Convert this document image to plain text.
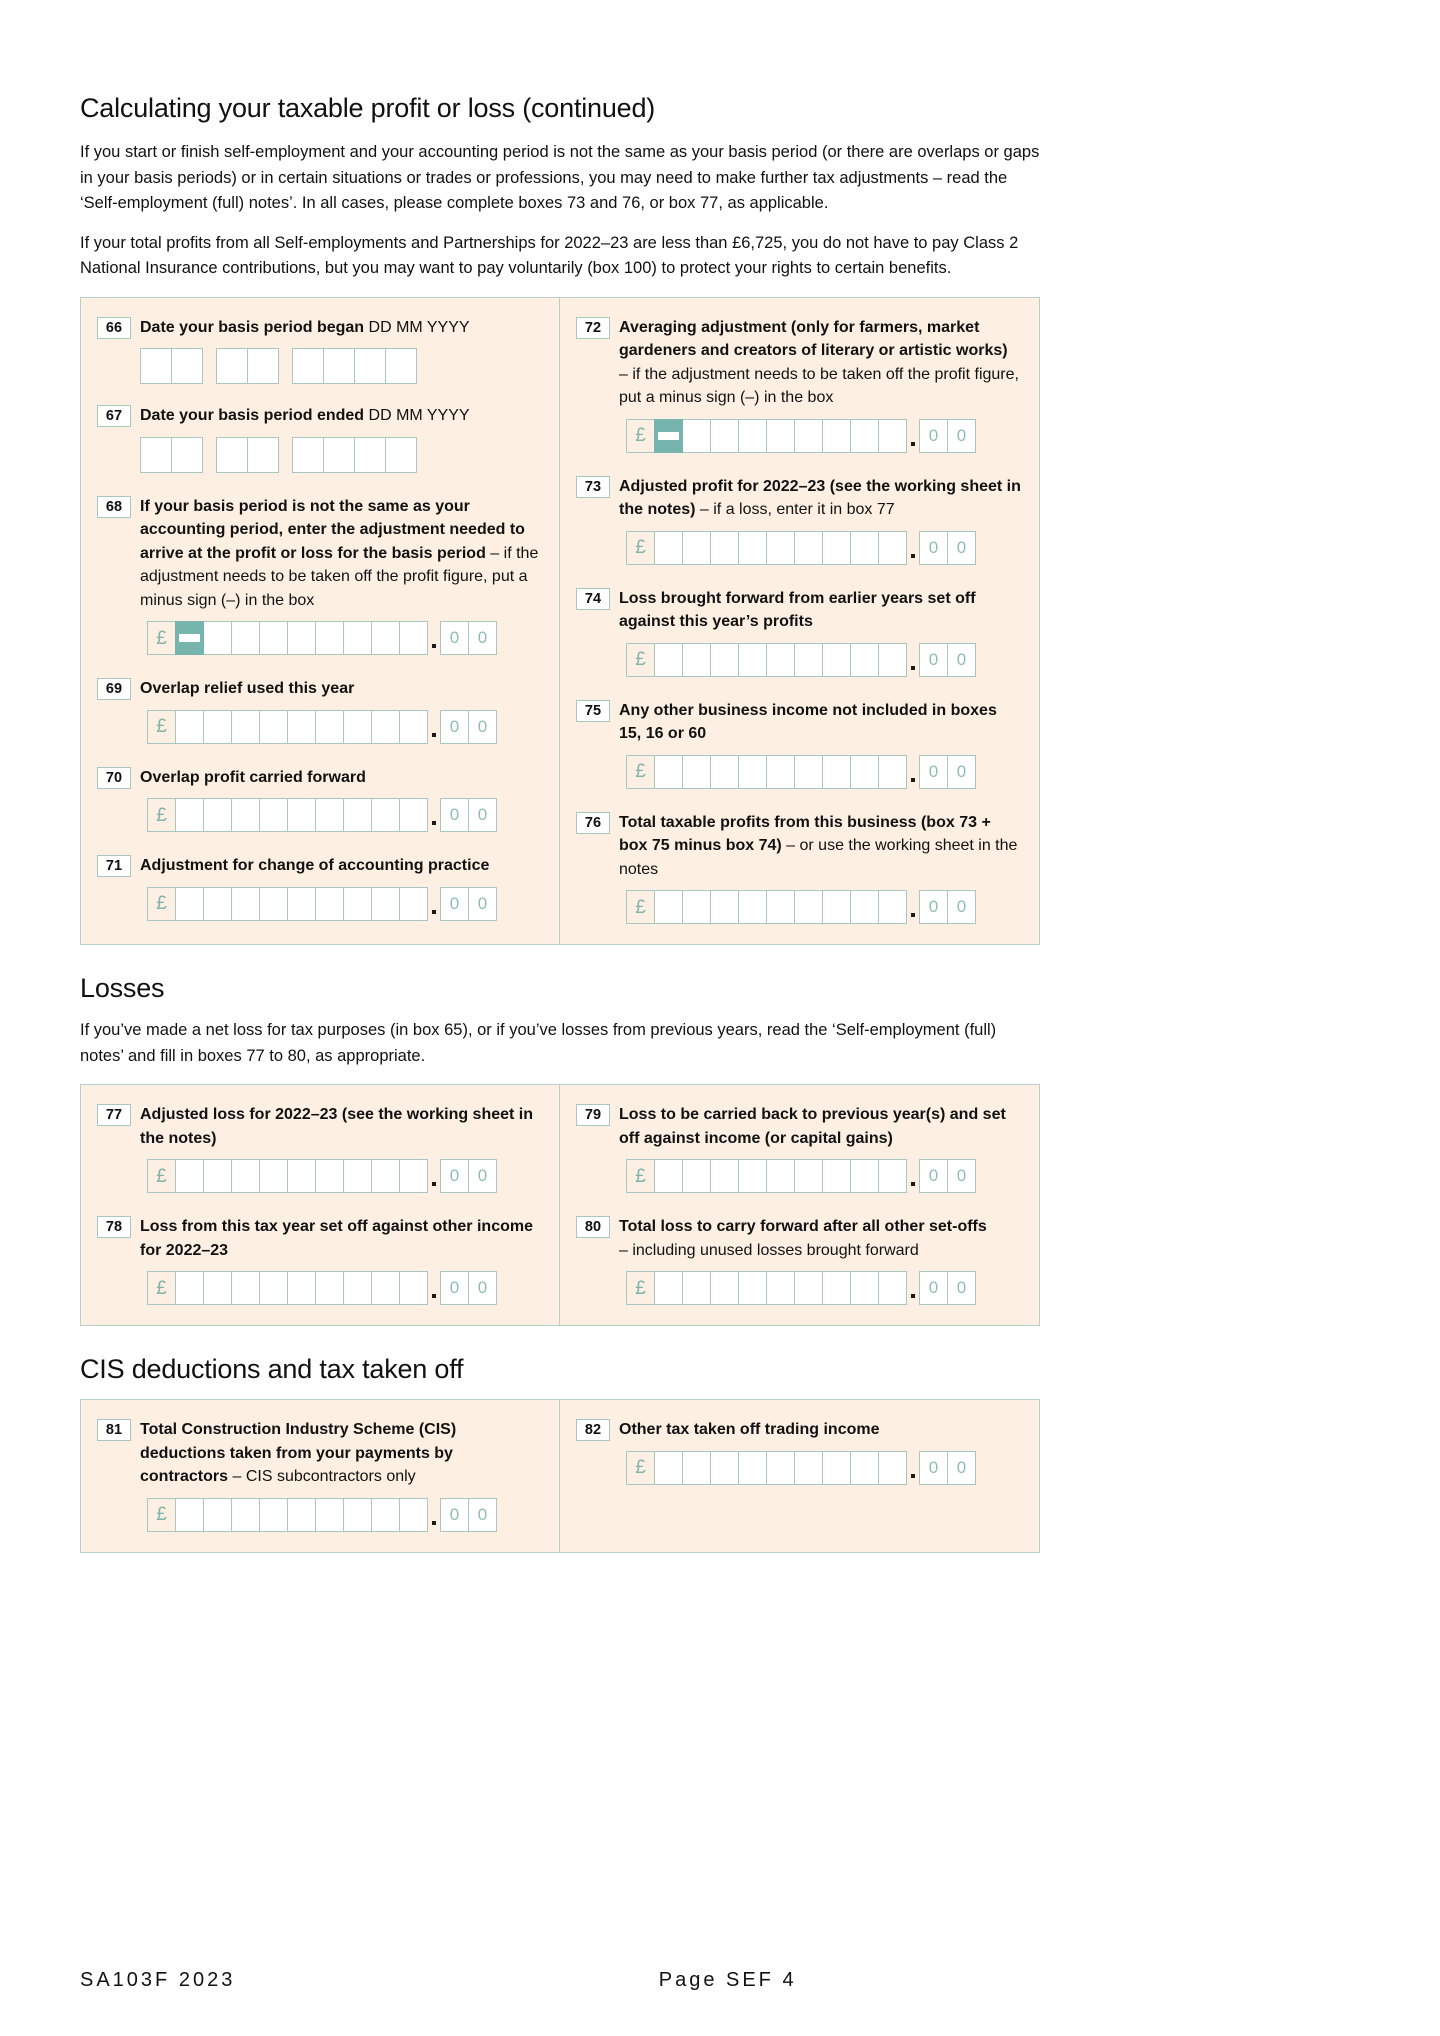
Calculating your taxable profit or loss (continued)

If you start or finish self-employment and your accounting period is not the same as your basis period (or there are overlaps or gaps in your basis periods) or in certain situations or trades or professions, you may need to make further tax adjustments – read the ‘Self-employment (full) notes’. In all cases, please complete boxes 73 and 76, or box 77, as applicable.

If your total profits from all Self-employments and Partnerships for 2022–23 are less than £6,725, you do not have to pay Class 2 National Insurance contributions, but you may want to pay voluntarily (box 100) to protect your rights to certain benefits.

66	Date your basis period began DD MM YYYY
67	Date your basis period ended DD MM YYYY
68	If your basis period is not the same as your accounting period, enter the adjustment needed to arrive at the profit or loss for the basis period – if the adjustment needs to be taken off the profit figure, put a minus sign (–) in the box
£	0	0
69	Overlap relief used this year
£	0	0
70	Overlap profit carried forward
£	0	0
71	Adjustment for change of accounting practice
£	0	0
72	Averaging adjustment (only for farmers, market gardeners and creators of literary or artistic works)
– if the adjustment needs to be taken off the profit figure, put a minus sign (–) in the box
£	0	0
73	Adjusted profit for 2022–23 (see the working sheet in the notes) – if a loss, enter it in box 77
£	0	0
74	Loss brought forward from earlier years set off against this year’s profits
£	0	0
75	Any other business income not included in boxes 15, 16 or 60
£	0	0
76	Total taxable profits from this business (box 73 + box 75 minus box 74) – or use the working sheet in the notes
£	0	0
Losses

If you’ve made a net loss for tax purposes (in box 65), or if you’ve losses from previous years, read the ‘Self-employment (full) notes’ and fill in boxes 77 to 80, as appropriate.

77	Adjusted loss for 2022–23 (see the working sheet in the notes)
£	0	0
78	Loss from this tax year set off against other income for 2022–23
£	0	0
79	Loss to be carried back to previous year(s) and set off against income (or capital gains)
£	0	0
80	Total loss to carry forward after all other set-offs
– including unused losses brought forward
£	0	0
CIS deductions and tax taken off
81	Total Construction Industry Scheme (CIS) deductions taken from your payments by contractors – CIS subcontractors only
£	0	0
82	Other tax taken off trading income
£	0	0
SA103F 2023	Page SEF 4
